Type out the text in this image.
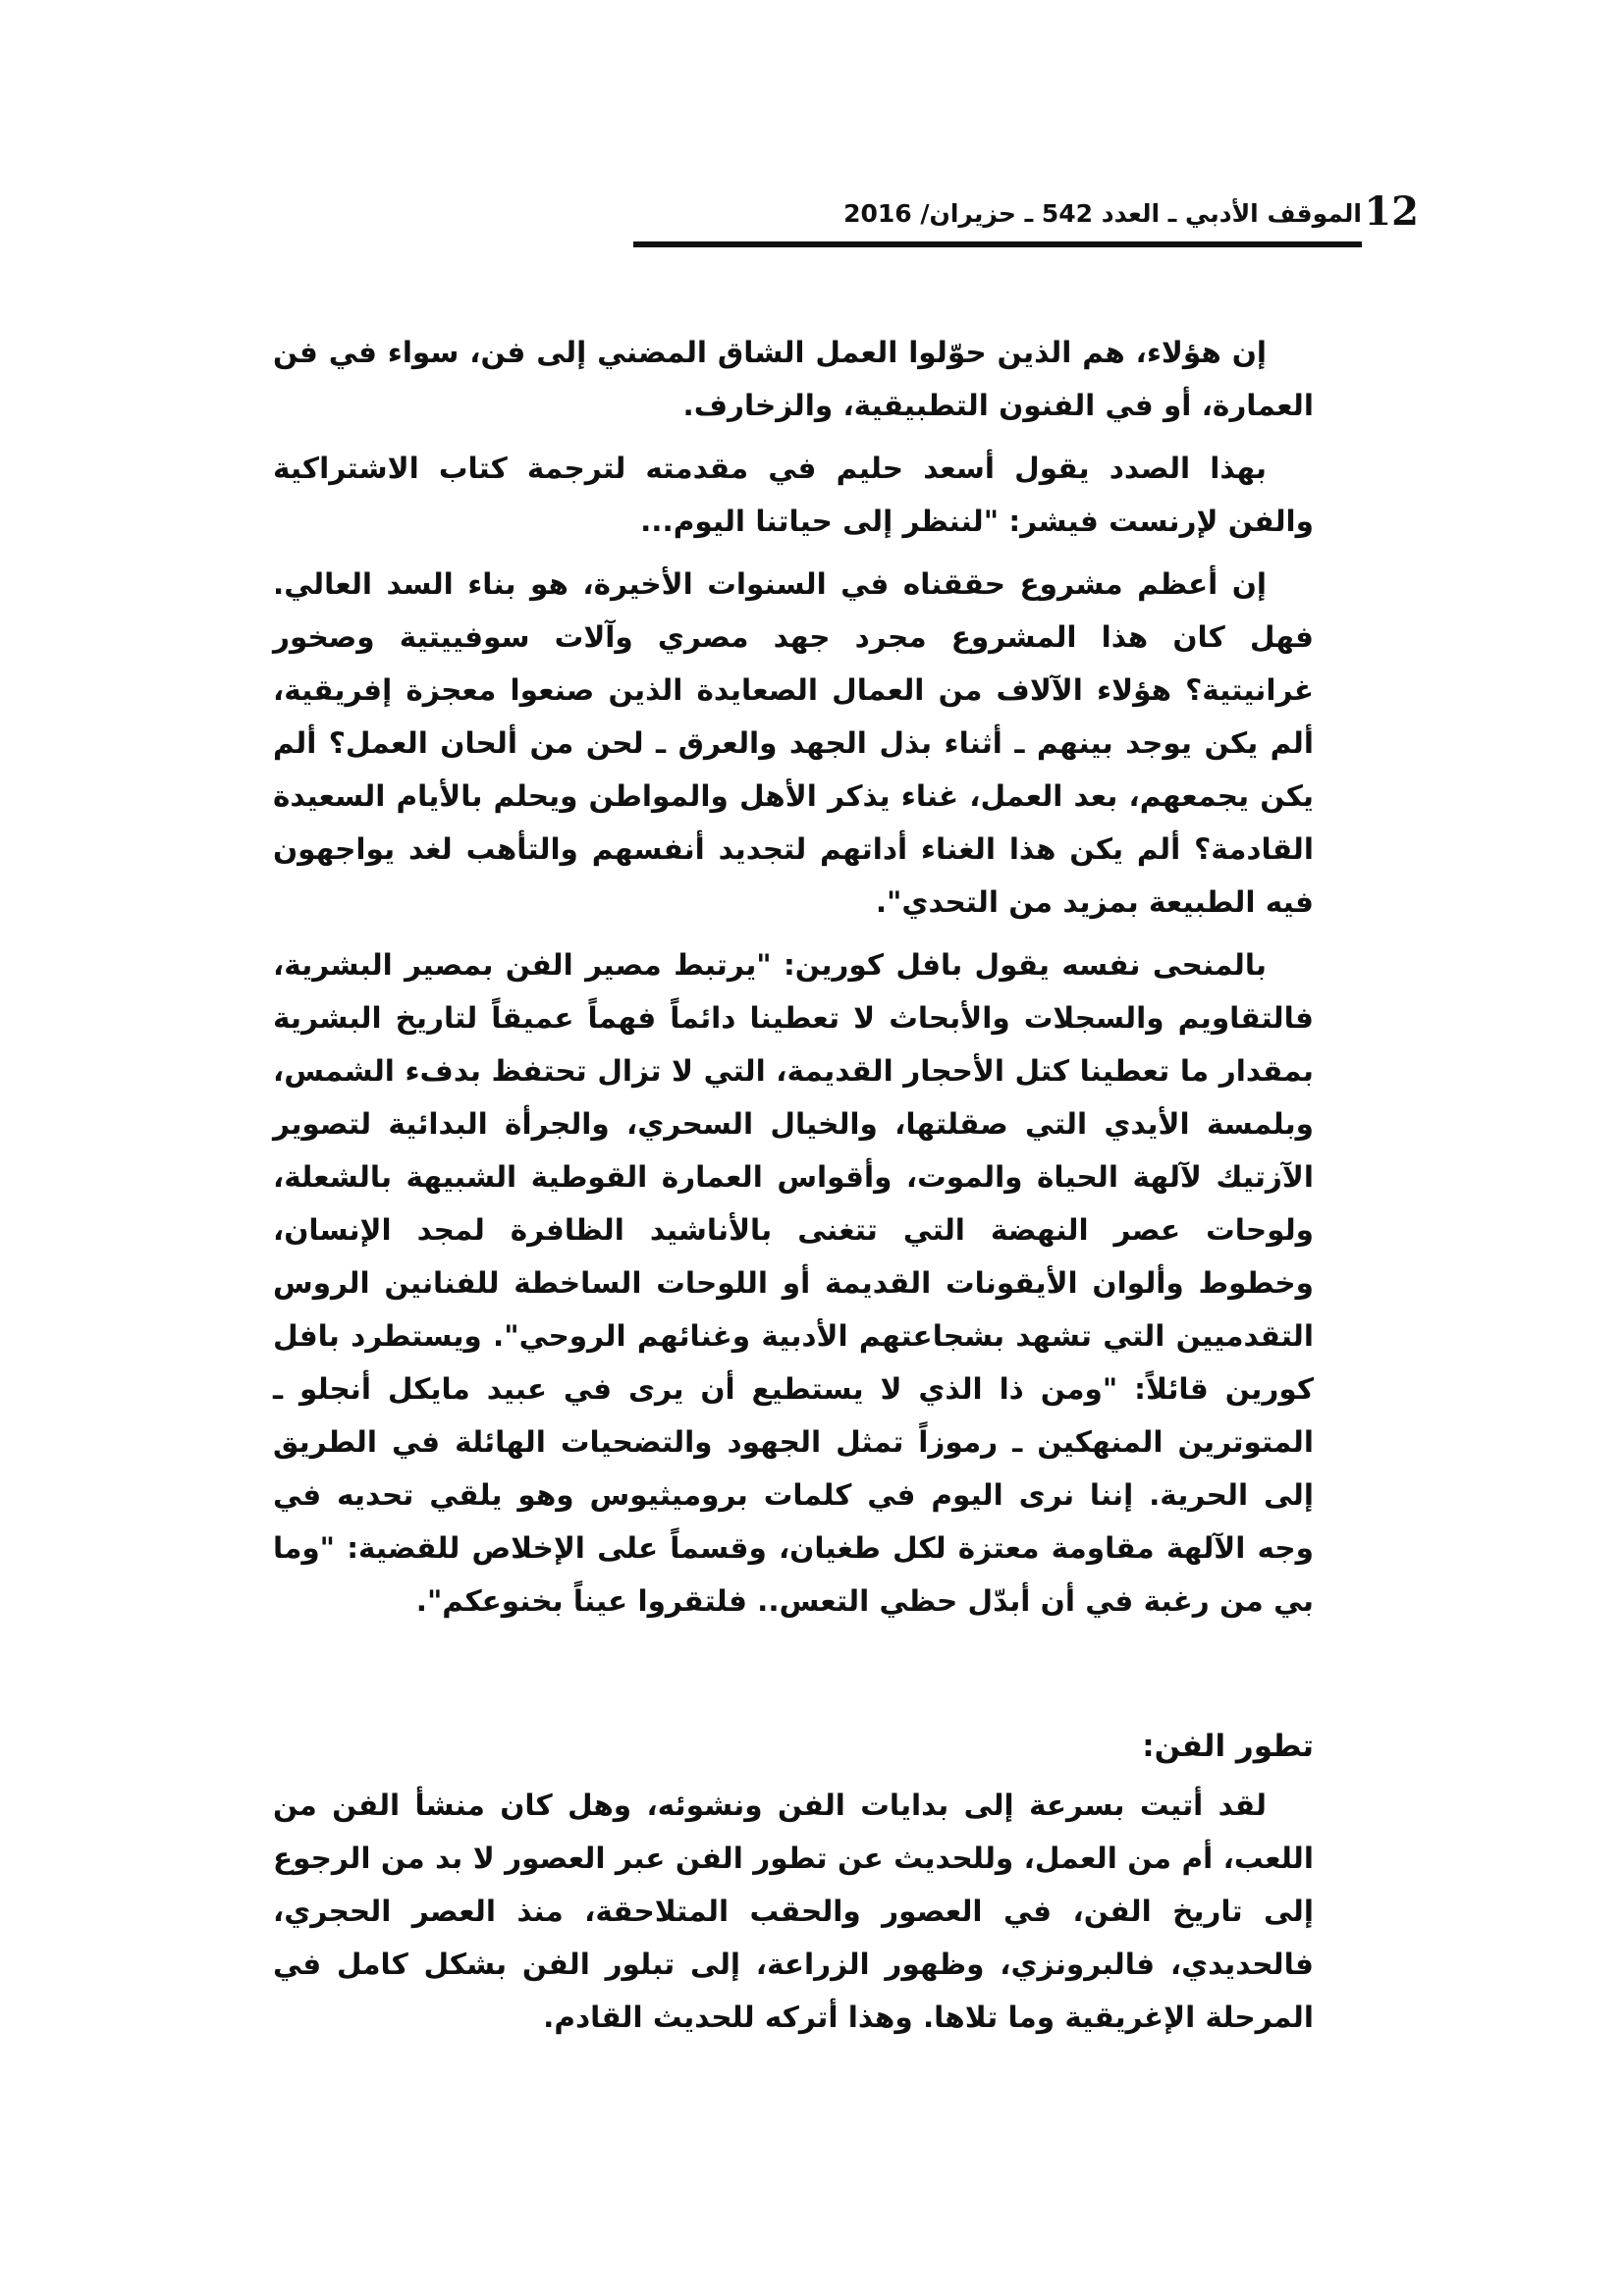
12
الموقف الأدبي ـ العدد 542 ـ حزيران/ 2016

إن هؤلاء، هم الذين حوّلوا العمل الشاق المضني إلى فن، سواء في فن العمارة، أو في الفنون التطبيقية، والزخارف.

بهذا الصدد يقول أسعد حليم في مقدمته لترجمة كتاب الاشتراكية والفن لإرنست فيشر: "لننظر إلى حياتنا اليوم...

إن أعظم مشروع حققناه في السنوات الأخيرة، هو بناء السد العالي. فهل كان هذا المشروع مجرد جهد مصري وآلات سوفييتية وصخور غرانيتية؟ هؤلاء الآلاف من العمال الصعايدة الذين صنعوا معجزة إفريقية، ألم يكن يوجد بينهم ـ أثناء بذل الجهد والعرق ـ لحن من ألحان العمل؟ ألم يكن يجمعهم، بعد العمل، غناء يذكر الأهل والمواطن ويحلم بالأيام السعيدة القادمة؟ ألم يكن هذا الغناء أداتهم لتجديد أنفسهم والتأهب لغد يواجهون فيه الطبيعة بمزيد من التحدي".

بالمنحى نفسه يقول بافل كورين: "يرتبط مصير الفن بمصير البشرية، فالتقاويم والسجلات والأبحاث لا تعطينا دائماً فهماً عميقاً لتاريخ البشرية بمقدار ما تعطينا كتل الأحجار القديمة، التي لا تزال تحتفظ بدفء الشمس، وبلمسة الأيدي التي صقلتها، والخيال السحري، والجرأة البدائية لتصوير الآزتيك لآلهة الحياة والموت، وأقواس العمارة القوطية الشبيهة بالشعلة، ولوحات عصر النهضة التي تتغنى بالأناشيد الظافرة لمجد الإنسان، وخطوط وألوان الأيقونات القديمة أو اللوحات الساخطة للفنانين الروس التقدميين التي تشهد بشجاعتهم الأدبية وغنائهم الروحي". ويستطرد بافل كورين قائلاً: "ومن ذا الذي لا يستطيع أن يرى في عبيد مايكل أنجلو ـ المتوترين المنهكين ـ رموزاً تمثل الجهود والتضحيات الهائلة في الطريق إلى الحرية. إننا نرى اليوم في كلمات بروميثيوس وهو يلقي تحديه في وجه الآلهة مقاومة معتزة لكل طغيان، وقسماً على الإخلاص للقضية: "وما بي من رغبة في أن أبدّل حظي التعس.. فلتقروا عيناً بخنوعكم".

تطور الفن:

لقد أتيت بسرعة إلى بدايات الفن ونشوئه، وهل كان منشأ الفن من اللعب، أم من العمل، وللحديث عن تطور الفن عبر العصور لا بد من الرجوع إلى تاريخ الفن، في العصور والحقب المتلاحقة، منذ العصر الحجري، فالحديدي، فالبرونزي، وظهور الزراعة، إلى تبلور الفن بشكل كامل في المرحلة الإغريقية وما تلاها. وهذا أتركه للحديث القادم.
